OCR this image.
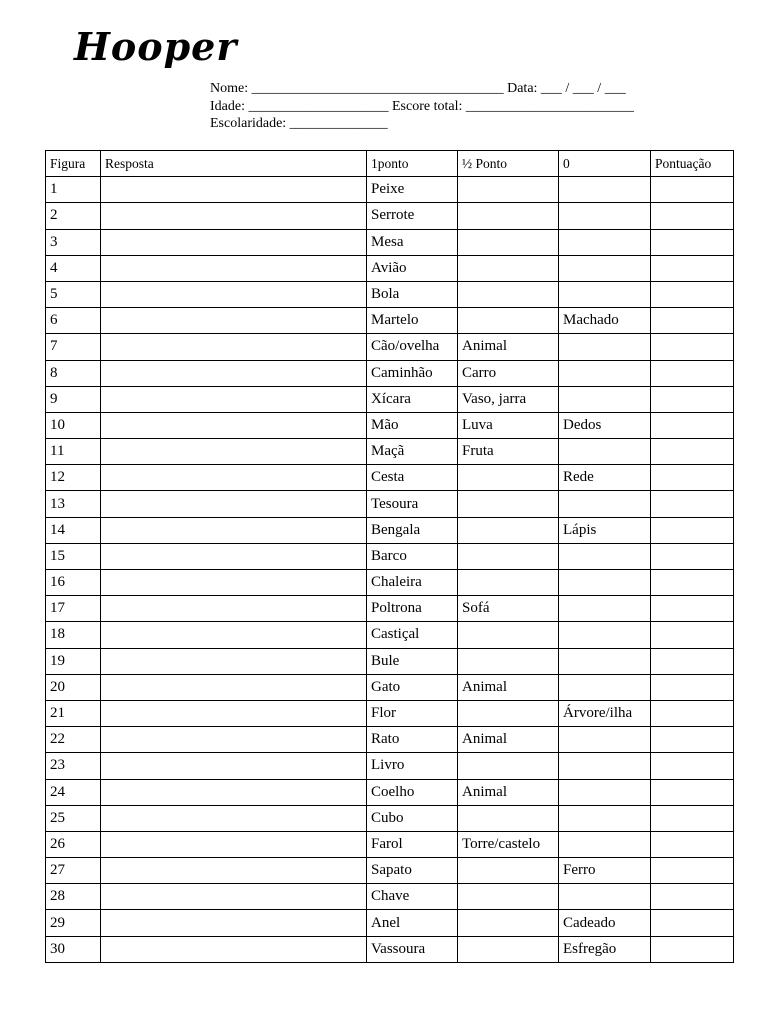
Hooper
Nome: ____________________________________ Data: ___ / ___ / ___
Idade: ____________________ Escore total: ________________________
Escolaridade: ______________
Figura	Resposta	1ponto	½ Ponto	0	Pontuação
1		Peixe			
2		Serrote			
3		Mesa			
4		Avião			
5		Bola			
6		Martelo		Machado	
7		Cão/ovelha	Animal		
8		Caminhão	Carro		
9		Xícara	Vaso, jarra		
10		Mão	Luva	Dedos	
11		Maçã	Fruta		
12		Cesta		Rede	
13		Tesoura			
14		Bengala		Lápis	
15		Barco			
16		Chaleira			
17		Poltrona	Sofá		
18		Castiçal			
19		Bule			
20		Gato	Animal		
21		Flor		Árvore/ilha	
22		Rato	Animal		
23		Livro			
24		Coelho	Animal		
25		Cubo			
26		Farol	Torre/castelo		
27		Sapato		Ferro	
28		Chave			
29		Anel		Cadeado	
30		Vassoura		Esfregão	
